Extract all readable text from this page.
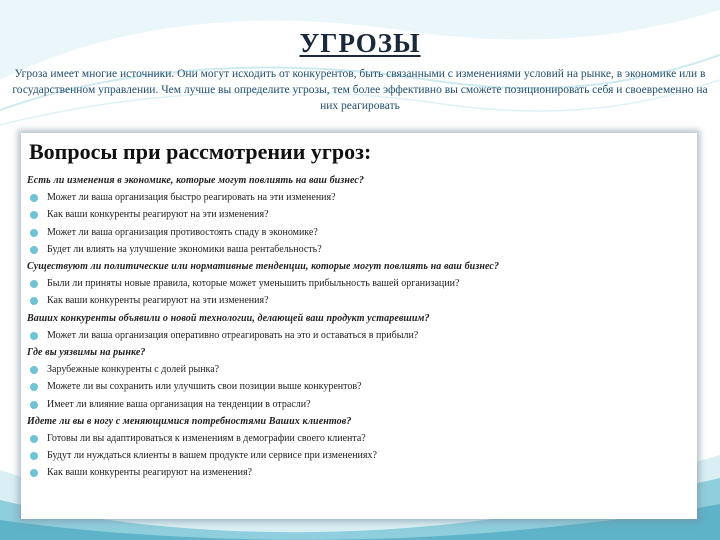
УГРОЗЫ

Угроза имеет многие источники. Они могут исходить от конкурентов, быть связанными с изменениями условий на рынке, в экономике или в государственном управлении. Чем лучше вы определите угрозы, тем более эффективно вы сможете позиционировать себя и своевременно на них реагировать

Вопросы при рассмотрении угроз:
Есть ли изменения в экономике, которые могут повлиять на ваш бизнес?
Может ли ваша организация быстро реагировать на эти изменения?
Как ваши конкуренты реагируют на эти изменения?
Может ли ваша организация противостоять спаду в экономике?
Будет ли влиять на улучшение экономики ваша рентабельность?
Существуют ли политические или нормативные тенденции, которые могут повлиять на ваш бизнес?
Были ли приняты новые правила, которые может уменьшить прибыльность вашей организации?
Как ваши конкуренты реагируют на эти изменения?
Ваших конкуренты объявили о новой технологии, делающей ваш продукт устаревшим?
Может ли ваша организация оперативно отреагировать на это и оставаться в прибыли?
Где вы уязвимы на рынке?
Зарубежные конкуренты с долей рынка?
Можете ли вы сохранить или улучшить свои позиции выше конкурентов?
Имеет ли влияние ваша организация на тенденции в отрасли?
Идете ли вы в ногу с меняющимися потребностями Ваших клиентов?
Готовы ли вы адаптироваться к изменениям в демографии своего клиента?
Будут ли нуждаться клиенты в вашем продукте или сервисе при изменениях?
Как ваши конкуренты реагируют на изменения?
